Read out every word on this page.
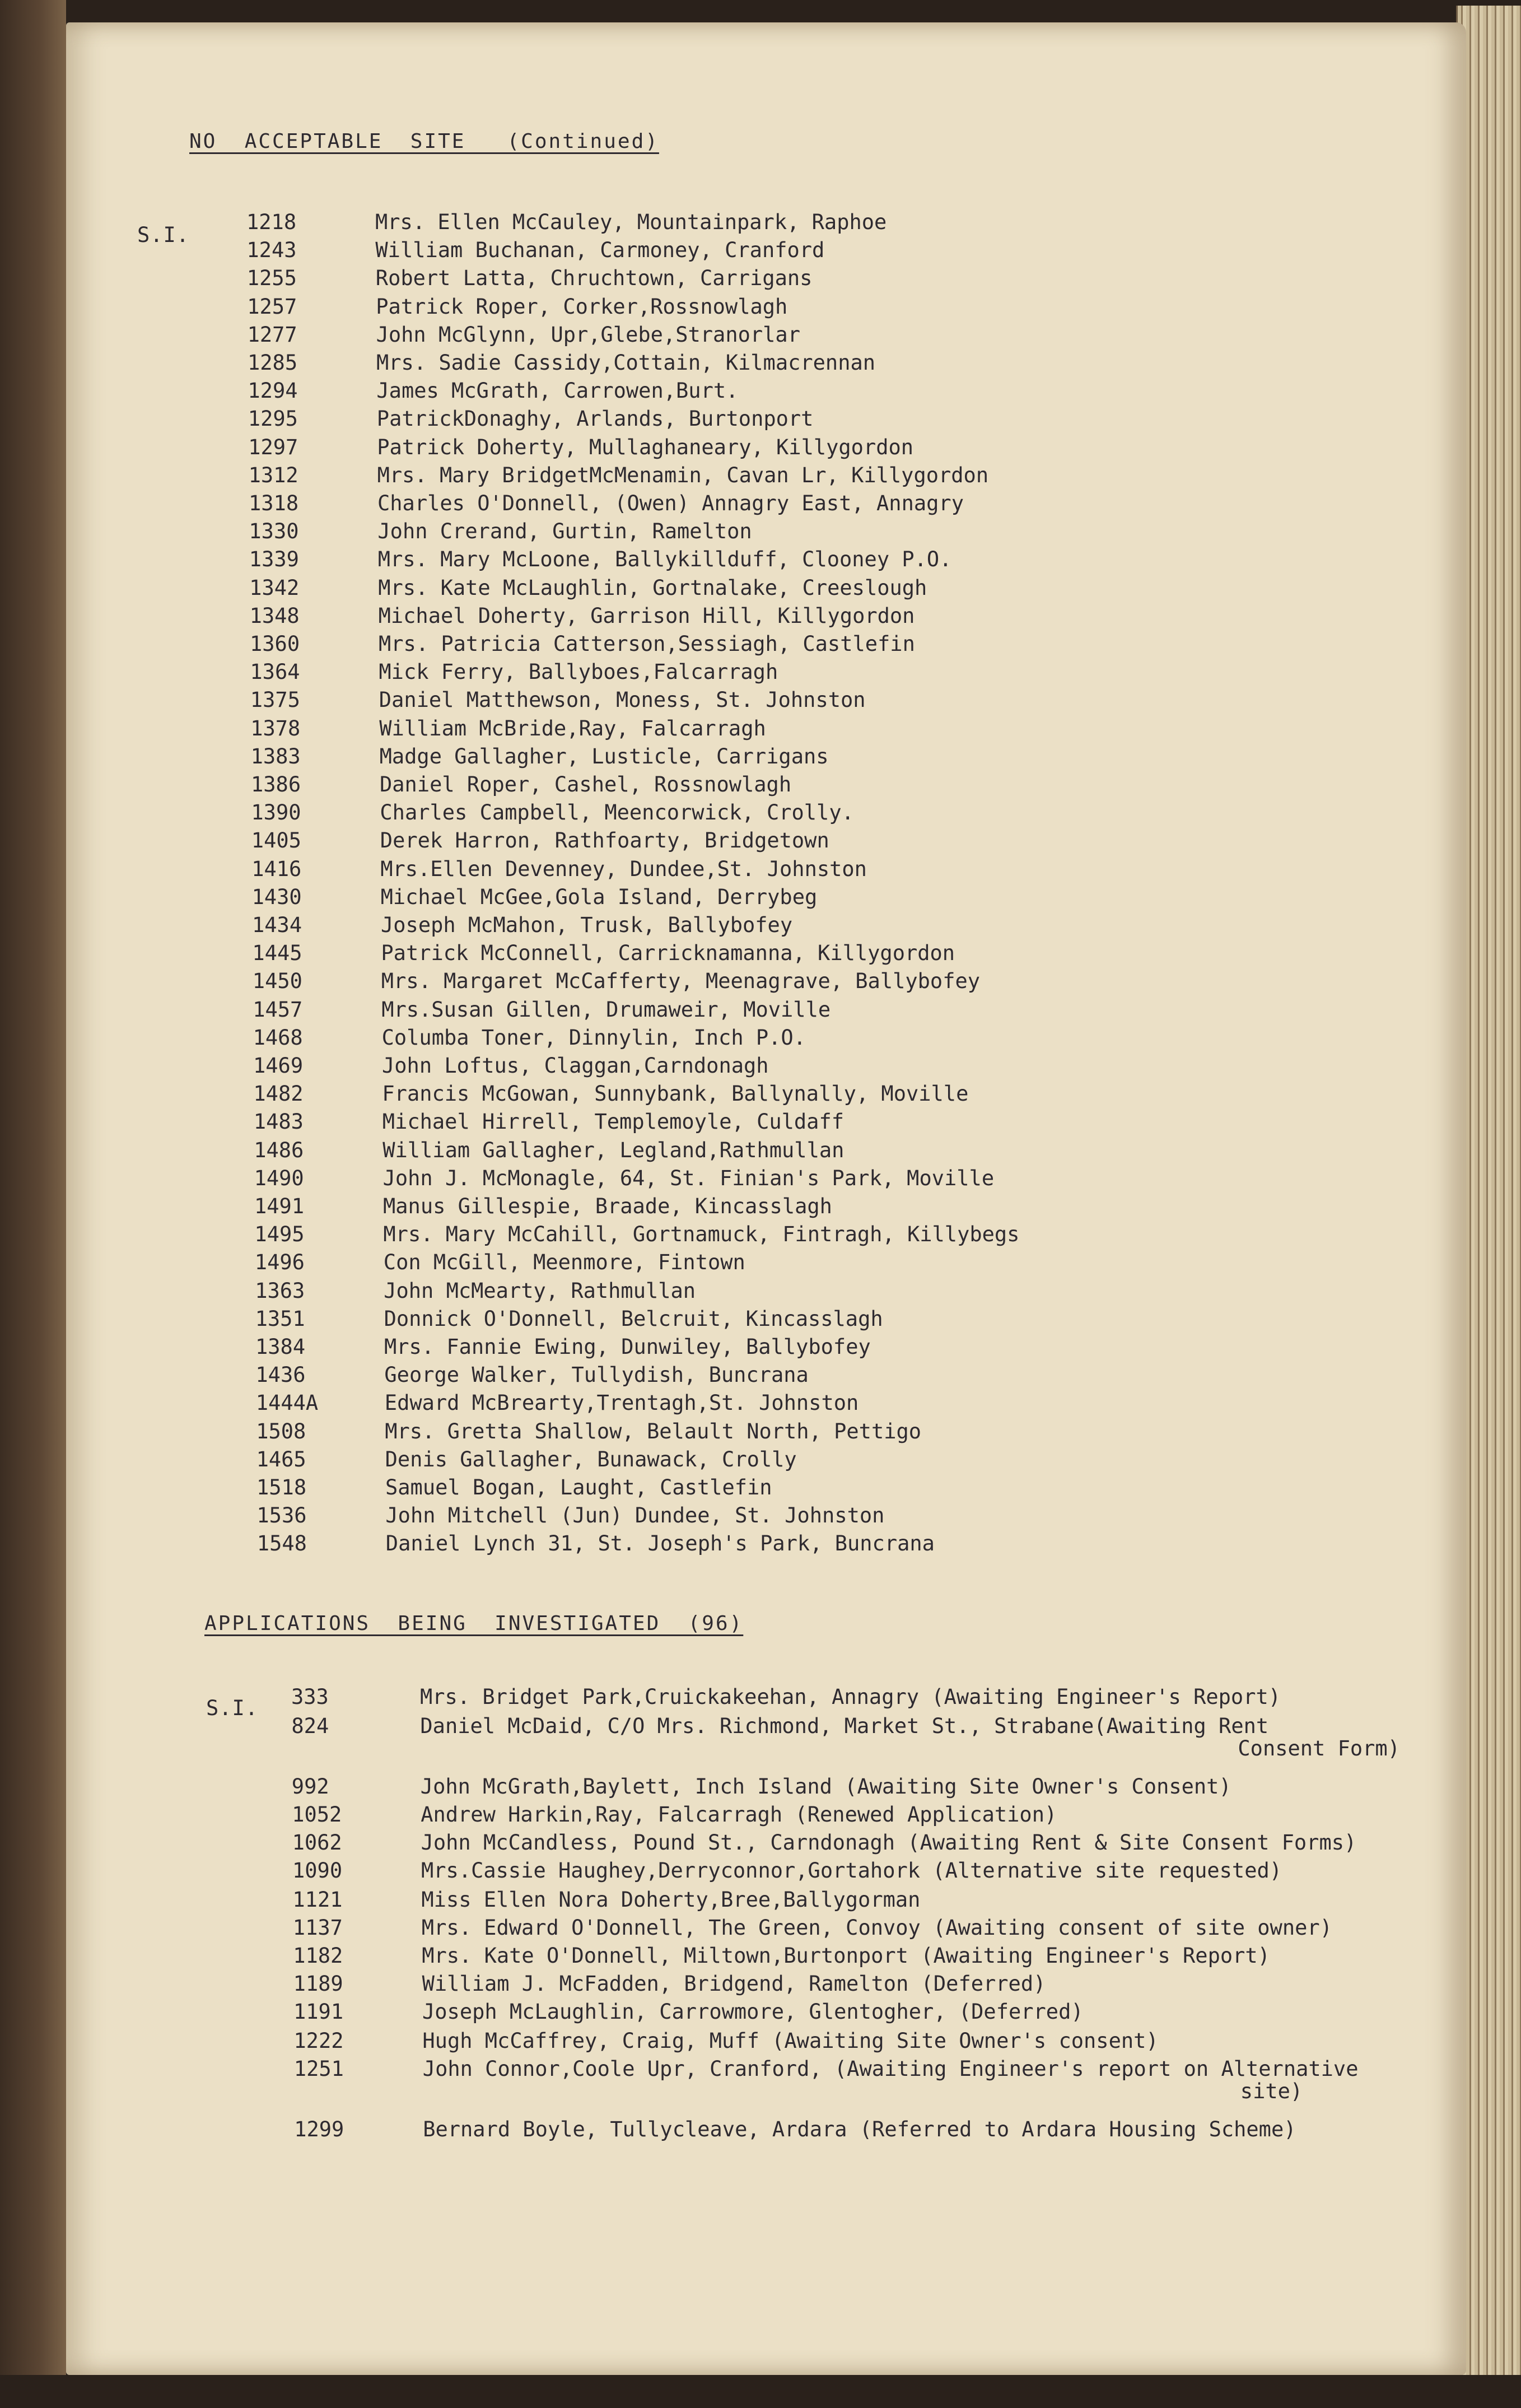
NO  ACCEPTABLE  SITE   (Continued)
S.I.
1218	Mrs. Ellen McCauley, Mountainpark, Raphoe
1243	William Buchanan, Carmoney, Cranford
1255	Robert Latta, Chruchtown, Carrigans
1257	Patrick Roper, Corker,Rossnowlagh
1277	John McGlynn, Upr,Glebe,Stranorlar
1285	Mrs. Sadie Cassidy,Cottain, Kilmacrennan
1294	James McGrath, Carrowen,Burt.
1295	PatrickDonaghy, Arlands, Burtonport
1297	Patrick Doherty, Mullaghaneary, Killygordon
1312	Mrs. Mary BridgetMcMenamin, Cavan Lr, Killygordon
1318	Charles O'Donnell, (Owen) Annagry East, Annagry
1330	John Crerand, Gurtin, Ramelton
1339	Mrs. Mary McLoone, Ballykillduff, Clooney P.O.
1342	Mrs. Kate McLaughlin, Gortnalake, Creeslough
1348	Michael Doherty, Garrison Hill, Killygordon
1360	Mrs. Patricia Catterson,Sessiagh, Castlefin
1364	Mick Ferry, Ballyboes,Falcarragh
1375	Daniel Matthewson, Moness, St. Johnston
1378	William McBride,Ray, Falcarragh
1383	Madge Gallagher, Lusticle, Carrigans
1386	Daniel Roper, Cashel, Rossnowlagh
1390	Charles Campbell, Meencorwick, Crolly.
1405	Derek Harron, Rathfoarty, Bridgetown
1416	Mrs.Ellen Devenney, Dundee,St. Johnston
1430	Michael McGee,Gola Island, Derrybeg
1434	Joseph McMahon, Trusk, Ballybofey
1445	Patrick McConnell, Carricknamanna, Killygordon
1450	Mrs. Margaret McCafferty, Meenagrave, Ballybofey
1457	Mrs.Susan Gillen, Drumaweir, Moville
1468	Columba Toner, Dinnylin, Inch P.O.
1469	John Loftus, Claggan,Carndonagh
1482	Francis McGowan, Sunnybank, Ballynally, Moville
1483	Michael Hirrell, Templemoyle, Culdaff
1486	William Gallagher, Legland,Rathmullan
1490	John J. McMonagle, 64, St. Finian's Park, Moville
1491	Manus Gillespie, Braade, Kincasslagh
1495	Mrs. Mary McCahill, Gortnamuck, Fintragh, Killybegs
1496	Con McGill, Meenmore, Fintown
1363	John McMearty, Rathmullan
1351	Donnick O'Donnell, Belcruit, Kincasslagh
1384	Mrs. Fannie Ewing, Dunwiley, Ballybofey
1436	George Walker, Tullydish, Buncrana
1444A	Edward McBrearty,Trentagh,St. Johnston
1508	Mrs. Gretta Shallow, Belault North, Pettigo
1465	Denis Gallagher, Bunawack, Crolly
1518	Samuel Bogan, Laught, Castlefin
1536	John Mitchell (Jun) Dundee, St. Johnston
1548	Daniel Lynch 31, St. Joseph's Park, Buncrana
APPLICATIONS  BEING  INVESTIGATED  (96)
S.I. 333	Mrs. Bridget Park,Cruickakeehan, Annagry (Awaiting Engineer's Report)
824	Daniel McDaid, C/O Mrs. Richmond, Market St., Strabane(Awaiting Rent
Consent Form)
992	John McGrath,Baylett, Inch Island (Awaiting Site Owner's Consent)
1052	Andrew Harkin,Ray, Falcarragh (Renewed Application)
1062	John McCandless, Pound St., Carndonagh (Awaiting Rent & Site Consent Forms)
1090	Mrs.Cassie Haughey,Derryconnor,Gortahork (Alternative site requested)
1121	Miss Ellen Nora Doherty,Bree,Ballygorman
1137	Mrs. Edward O'Donnell, The Green, Convoy (Awaiting consent of site owner)
1182	Mrs. Kate O'Donnell, Miltown,Burtonport (Awaiting Engineer's Report)
1189	William J. McFadden, Bridgend, Ramelton (Deferred)
1191	Joseph McLaughlin, Carrowmore, Glentogher, (Deferred)
1222	Hugh McCaffrey, Craig, Muff (Awaiting Site Owner's consent)
1251	John Connor,Coole Upr, Cranford, (Awaiting Engineer's report on Alternative
site)
1299	Bernard Boyle, Tullycleave, Ardara (Referred to Ardara Housing Scheme)
